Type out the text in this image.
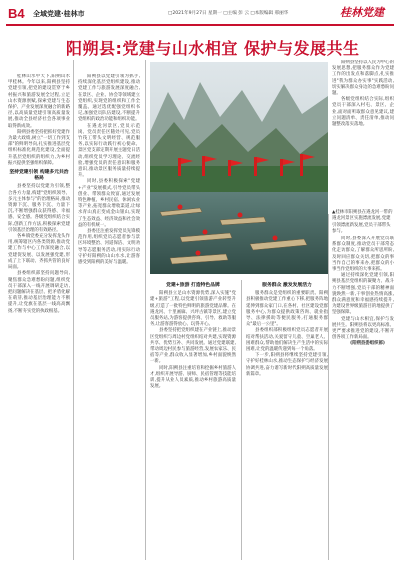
B4 全域党建·桂林市	□2021年9月27日 星期一 □主编 彭 云 □本版编辑 邢丽华	桂林党建
阳朔县:党建与山水相宜 保护与发展共生

桂林山水甲天下,阳朔山水甲桂林。今年以来,阳朔县坚持党建引领,把党的建设贯穿于乡村振兴和旅游发展全过程,立足山水资源禀赋,探索党建与生态保护、产业发展深度融合的新路径,以高质量党建引领高质量发展,推动全县经济社会各项事业取得新成效。

阳朔县委坚持把抓好党建作为最大政绩,树立"一切工作到支部"的鲜明导向,扎实推进基层党组织标准化规范化建设,全面提升基层党组织的组织力,为乡村振兴提供坚强组织保障。

坚持党建引领 构建多元共治格局

县委坚持以党建为引领,整合各方力量,构建"党组织领导、多元主体参与"的治理格局,推动资源下沉、服务下沉、力量下沉,不断增强群众获得感、幸福感、安全感。各级党组织结合实际,创新工作方法,积极探索党建引领基层治理的有效路径。

各乡镇党委充分发挥龙头作用,统筹辖区内各类资源,推动党建工作与中心工作深度融合,以党建促发展、以发展强党建,形成了上下联动、齐抓共管的良好局面。

县委组织部坚持问题导向,聚焦群众急难愁盼问题,组织党员干部深入一线开展调研走访,把问题解决在基层、把矛盾化解在萌芽,推动基层治理能力不断提升,让党旗在基层一线高高飘扬,不断夯实党的执政根基。

阳朔县以党建引领为抓手,持续深化基层党组织建设,推动党建工作与旅游发展深度融合,在景区、企业、协会等领域建立党组织,实现党的组织和工作全覆盖。通过选优配强党组织书记,加强党员队伍建设,不断提升党组织的政治功能和组织功能。

在遇龙河景区,党员示范岗、党员责任区随处可见,党员竹筏工带头文明经营、规范服务,以实际行动践行初心使命。景区党支部定期开展主题党日活动,组织党员学习理论、交流经验,增强党员的责任意识和服务意识,推动景区服务质量持续提升。

同时,县委积极探索"党建+产业"发展模式,引导党员带头创业、带领群众致富,通过发展特色种植、乡村民宿、休闲农业等产业,拓宽群众增收渠道,让绿水青山真正变成金山银山,实现了生态效益、经济效益和社会效益的有机统一。

县委还注重发挥党员先锋模范作用,组织党员志愿者参与景区环境整治、河道保洁、文明劝导等志愿服务活动,用实际行动守护好阳朔的山山水水,让游客感受到阳朔的美好与温暖。

阳朔县坚持以人民为中心的发展思想,把服务群众作为党建工作的出发点和落脚点,扎实推进"我为群众办实事"实践活动,切实解决群众身边的急难愁盼问题。

各级党组织结合实际,组织党员干部深入村屯、景区、企业,面对面听取群众意见建议,建立问题清单、责任清单,推动问题整改落实落地。

▲桂林市阳朔县在遇龙河一带的遇龙河景区实施漂流发展,党建引领漂流新发展,党员干部带头参与。

党建+旅游 打造特色品牌

阳朔县立足山水资源优势,深入实施"党建+旅游"工程,以党建引领旅游产业转型升级,打造了一批特色鲜明的旅游党建品牌。在遇龙河、十里画廊、兴坪古镇等景区,建立党员服务站,为游客提供咨询、引导、救助等服务,让游客游得放心、玩得开心。

县委坚持把党组织建在产业链上,推动景区党组织与周边村党组织结对共建,实现资源共享、优势互补、共同发展。通过党建联建,带动周边村民参与旅游经营,发展农家乐、民宿等产业,群众收入显著增加,乡村面貌焕然一新。

同时,阳朔县注重培育和挖掘乡村旅游人才,组织开展导游、厨师、民宿管理等技能培训,提升从业人员素质,推动乡村旅游高质量发展。

服务群众 激发发展活力

服务群众是党组织的重要职责。阳朔县积极推动党建工作重心下移,把服务阵地延伸到群众家门口,在各村、社区建设党群服务中心,为群众提供政策咨询、就业指导、法律援助等便民服务,打通服务群众"最后一公里"。

县委组织部积极组织党员志愿者开展结对帮扶活动,关爱留守儿童、空巢老人、困难群众,帮助他们解决生产生活中的实际困难,让党的温暖传递到每一个角落。

下一步,阳朔县将继续坚持党建引领,守护好桂林山水,推动生态保护与经济发展协调共进,奋力谱写新时代阳朔高质量发展新篇章。

同时,县委深入开展党员联系群众制度,推动党员干部常态化走访群众,了解群众所思所盼,及时回应群众关切,把群众的事当作自己的事来办,把群众的小事当作党组织的大事来抓。

通过持续深化党建引领,阳朔县基层党组织的凝聚力、战斗力不断增强,党员干部的精神面貌焕然一新,干事创业热情高涨,群众满意度和幸福感持续提升,为建设世界级旅游目的地提供了坚强保障。

党建与山水相宜,保护与发展共生。阳朔县将以更高标准、更严要求推进党的建设,不断开创各项工作新局面。

(阳朔县委组织部)
